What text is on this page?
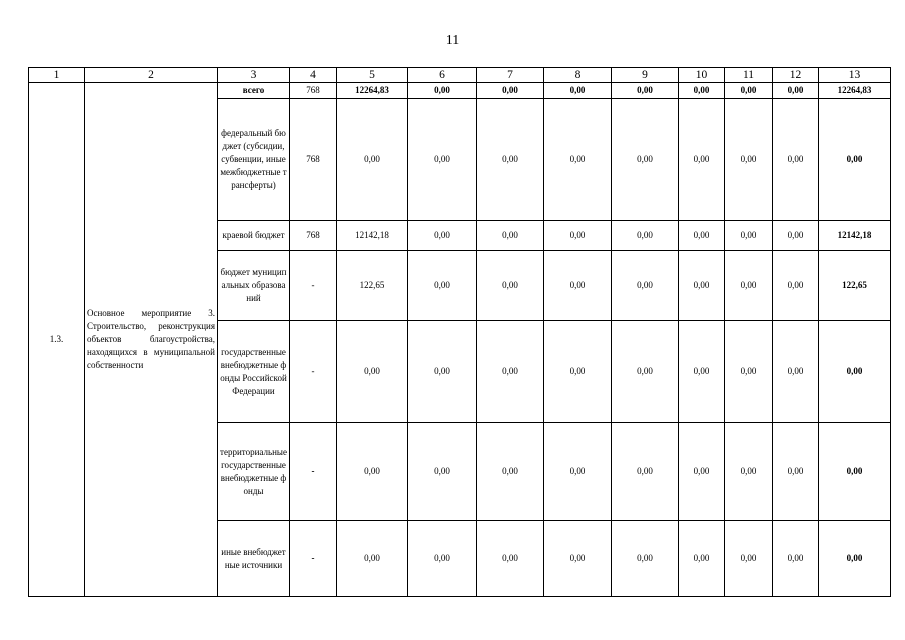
11
1	2	3	4	5	6	7	8	9	10	11	12	13
1.3.	Основное мероприятие 3. Строительство, реконструкция объектов благоустройства, находящихся в муниципальной собственности	всего	768	12264,83	0,00	0,00	0,00	0,00	0,00	0,00	0,00	12264,83
		федеральный бюджет (субсидии, субвенции, иные межбюджетные трансферты)	768	0,00	0,00	0,00	0,00	0,00	0,00	0,00	0,00	0,00
		краевой бюджет	768	12142,18	0,00	0,00	0,00	0,00	0,00	0,00	0,00	12142,18
		бюджет муниципальных образований	-	122,65	0,00	0,00	0,00	0,00	0,00	0,00	0,00	122,65
		государственные внебюджетные фонды Российской Федерации	-	0,00	0,00	0,00	0,00	0,00	0,00	0,00	0,00	0,00
		территориальные государственные внебюджетные фонды	-	0,00	0,00	0,00	0,00	0,00	0,00	0,00	0,00	0,00
		иные внебюджетные источники	-	0,00	0,00	0,00	0,00	0,00	0,00	0,00	0,00	0,00
